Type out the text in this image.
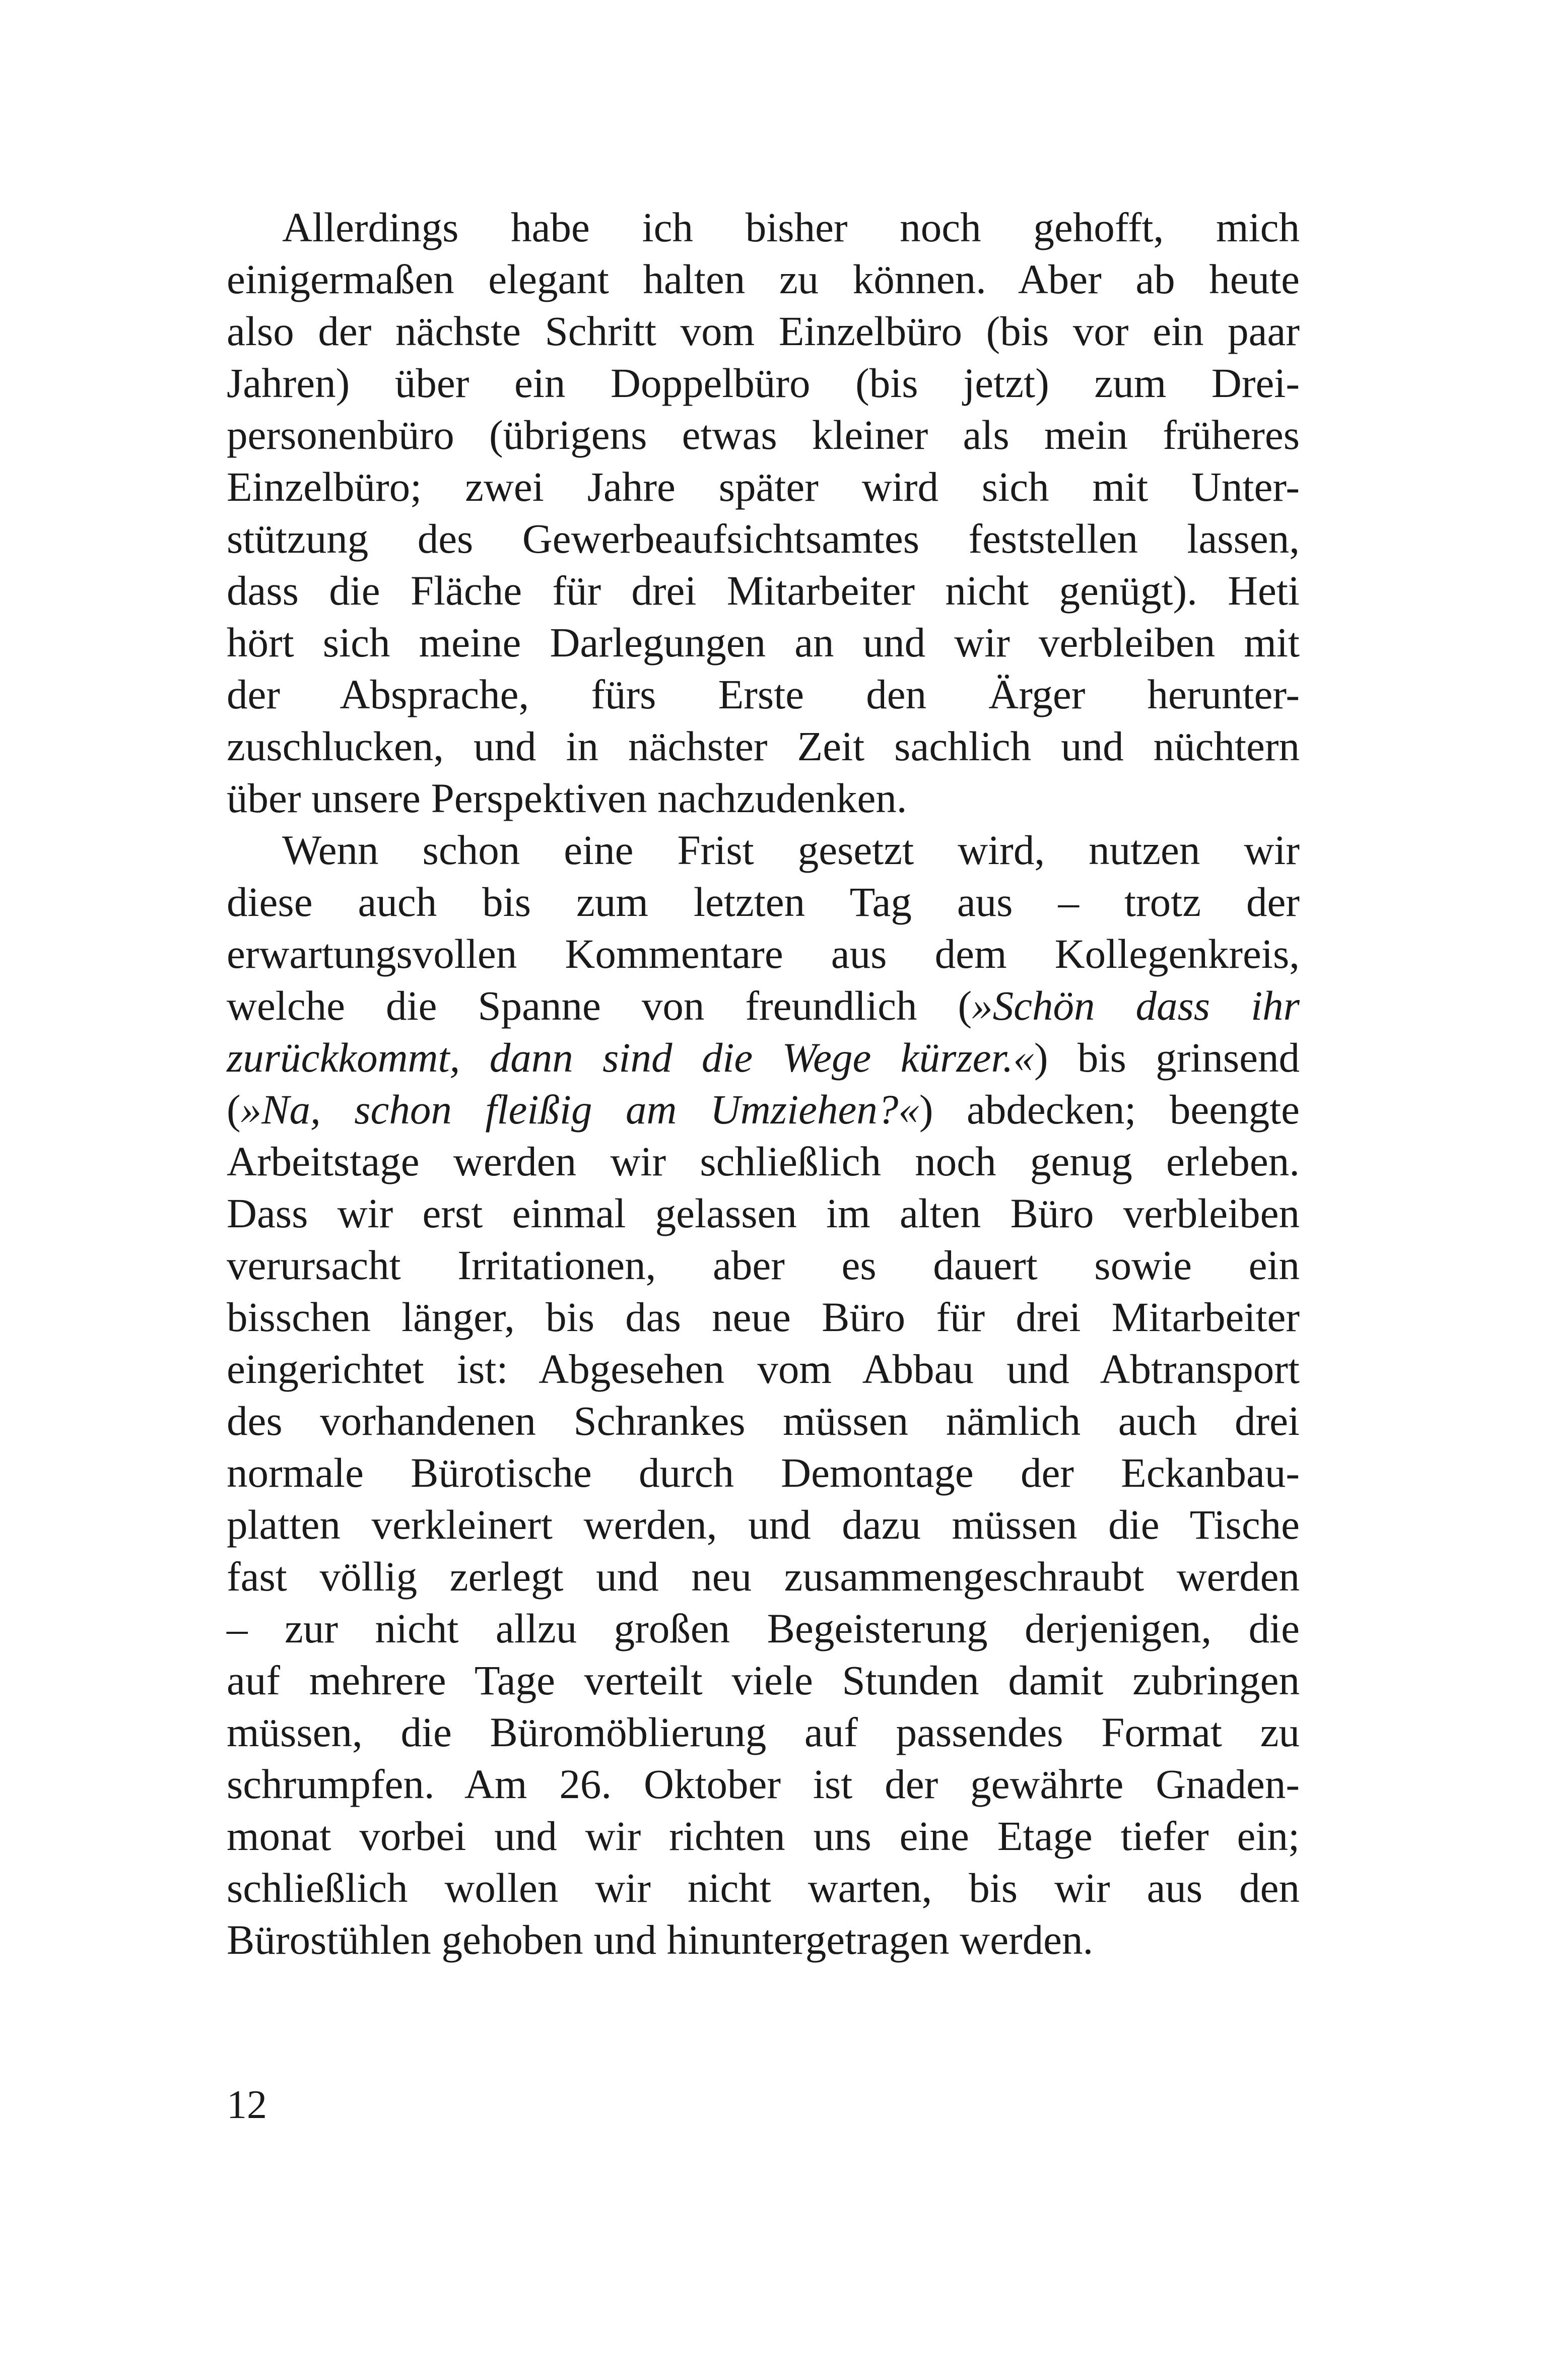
Allerdings habe ich bisher noch gehofft, mich
einigermaßen elegant halten zu können. Aber ab heute
also der nächste Schritt vom Einzelbüro (bis vor ein paar
Jahren) über ein Doppelbüro (bis jetzt) zum Drei-
personenbüro (übrigens etwas kleiner als mein früheres
Einzelbüro; zwei Jahre später wird sich mit Unter-
stützung des Gewerbeaufsichtsamtes feststellen lassen,
dass die Fläche für drei Mitarbeiter nicht genügt). Heti
hört sich meine Darlegungen an und wir verbleiben mit
der Absprache, fürs Erste den Ärger herunter-
zuschlucken, und in nächster Zeit sachlich und nüchtern
über unsere Perspektiven nachzudenken.
Wenn schon eine Frist gesetzt wird, nutzen wir
diese auch bis zum letzten Tag aus – trotz der
erwartungsvollen Kommentare aus dem Kollegenkreis,
welche die Spanne von freundlich (»Schön dass ihr
zurückkommt, dann sind die Wege kürzer.«) bis grinsend
(»Na, schon fleißig am Umziehen?«) abdecken; beengte
Arbeitstage werden wir schließlich noch genug erleben.
Dass wir erst einmal gelassen im alten Büro verbleiben
verursacht Irritationen, aber es dauert sowie ein
bisschen länger, bis das neue Büro für drei Mitarbeiter
eingerichtet ist: Abgesehen vom Abbau und Abtransport
des vorhandenen Schrankes müssen nämlich auch drei
normale Bürotische durch Demontage der Eckanbau-
platten verkleinert werden, und dazu müssen die Tische
fast völlig zerlegt und neu zusammengeschraubt werden
– zur nicht allzu großen Begeisterung derjenigen, die
auf mehrere Tage verteilt viele Stunden damit zubringen
müssen, die Büromöblierung auf passendes Format zu
schrumpfen. Am 26. Oktober ist der gewährte Gnaden-
monat vorbei und wir richten uns eine Etage tiefer ein;
schließlich wollen wir nicht warten, bis wir aus den
Bürostühlen gehoben und hinuntergetragen werden.
12
